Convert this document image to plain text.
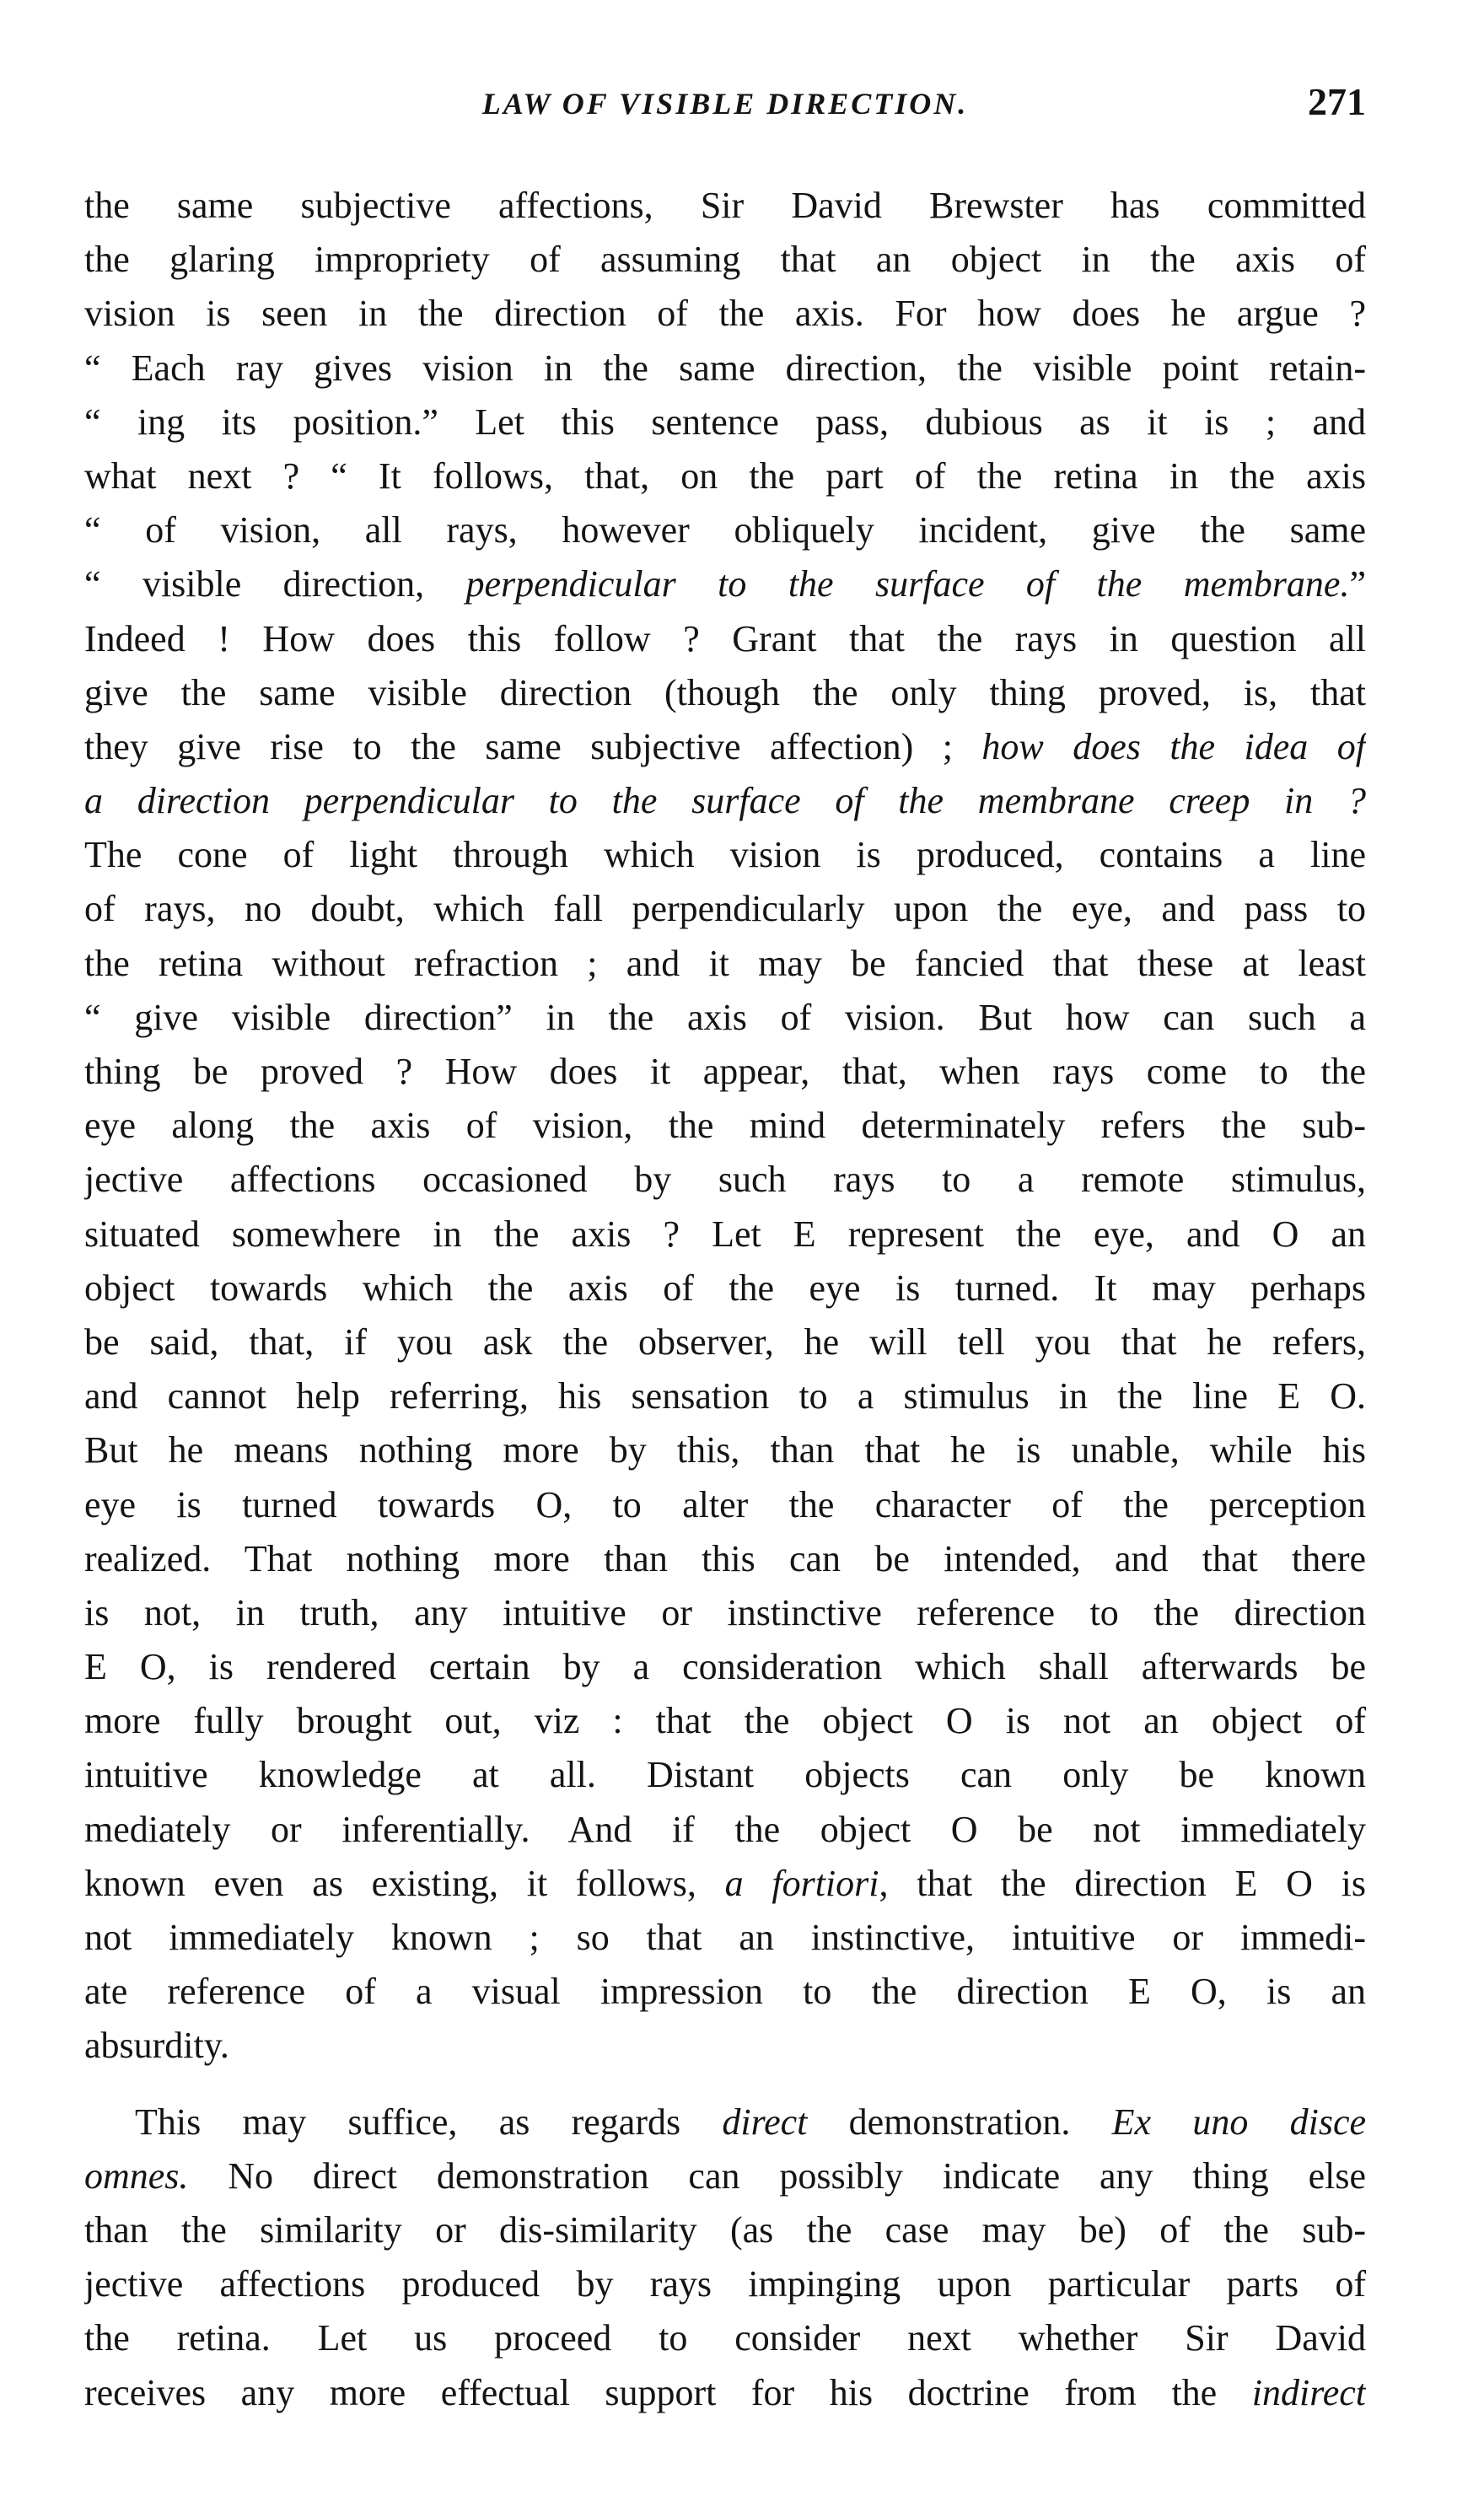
LAW OF VISIBLE DIRECTION.	271
the same subjective affections, Sir David Brewster has committed
the glaring impropriety of assuming that an object in the axis of
vision is seen in the direction of the axis. For how does he argue ?
“ Each ray gives vision in the same direction, the visible point retain-
“ ing its position.” Let this sentence pass, dubious as it is ; and
what next ? “ It follows, that, on the part of the retina in the axis
“ of vision, all rays, however obliquely incident, give the same
“ visible direction, perpendicular to the surface of the membrane.”
Indeed ! How does this follow ? Grant that the rays in question all
give the same visible direction (though the only thing proved, is, that
they give rise to the same subjective affection) ; how does the idea of
a direction perpendicular to the surface of the membrane creep in ?
The cone of light through which vision is produced, contains a line
of rays, no doubt, which fall perpendicularly upon the eye, and pass to
the retina without refraction ; and it may be fancied that these at least
“ give visible direction” in the axis of vision. But how can such a
thing be proved ? How does it appear, that, when rays come to the
eye along the axis of vision, the mind determinately refers the sub-
jective affections occasioned by such rays to a remote stimulus,
situated somewhere in the axis ? Let E represent the eye, and O an
object towards which the axis of the eye is turned. It may perhaps
be said, that, if you ask the observer, he will tell you that he refers,
and cannot help referring, his sensation to a stimulus in the line E O.
But he means nothing more by this, than that he is unable, while his
eye is turned towards O, to alter the character of the perception
realized. That nothing more than this can be intended, and that there
is not, in truth, any intuitive or instinctive reference to the direction
E O, is rendered certain by a consideration which shall afterwards be
more fully brought out, viz : that the object O is not an object of
intuitive knowledge at all. Distant objects can only be known
mediately or inferentially. And if the object O be not immediately
known even as existing, it follows, a fortiori, that the direction E O is
not immediately known ; so that an instinctive, intuitive or immedi-
ate reference of a visual impression to the direction E O, is an
absurdity.
This may suffice, as regards direct demonstration. Ex uno disce
omnes. No direct demonstration can possibly indicate any thing else
than the similarity or dis-similarity (as the case may be) of the sub-
jective affections produced by rays impinging upon particular parts of
the retina. Let us proceed to consider next whether Sir David
receives any more effectual support for his doctrine from the indirect
